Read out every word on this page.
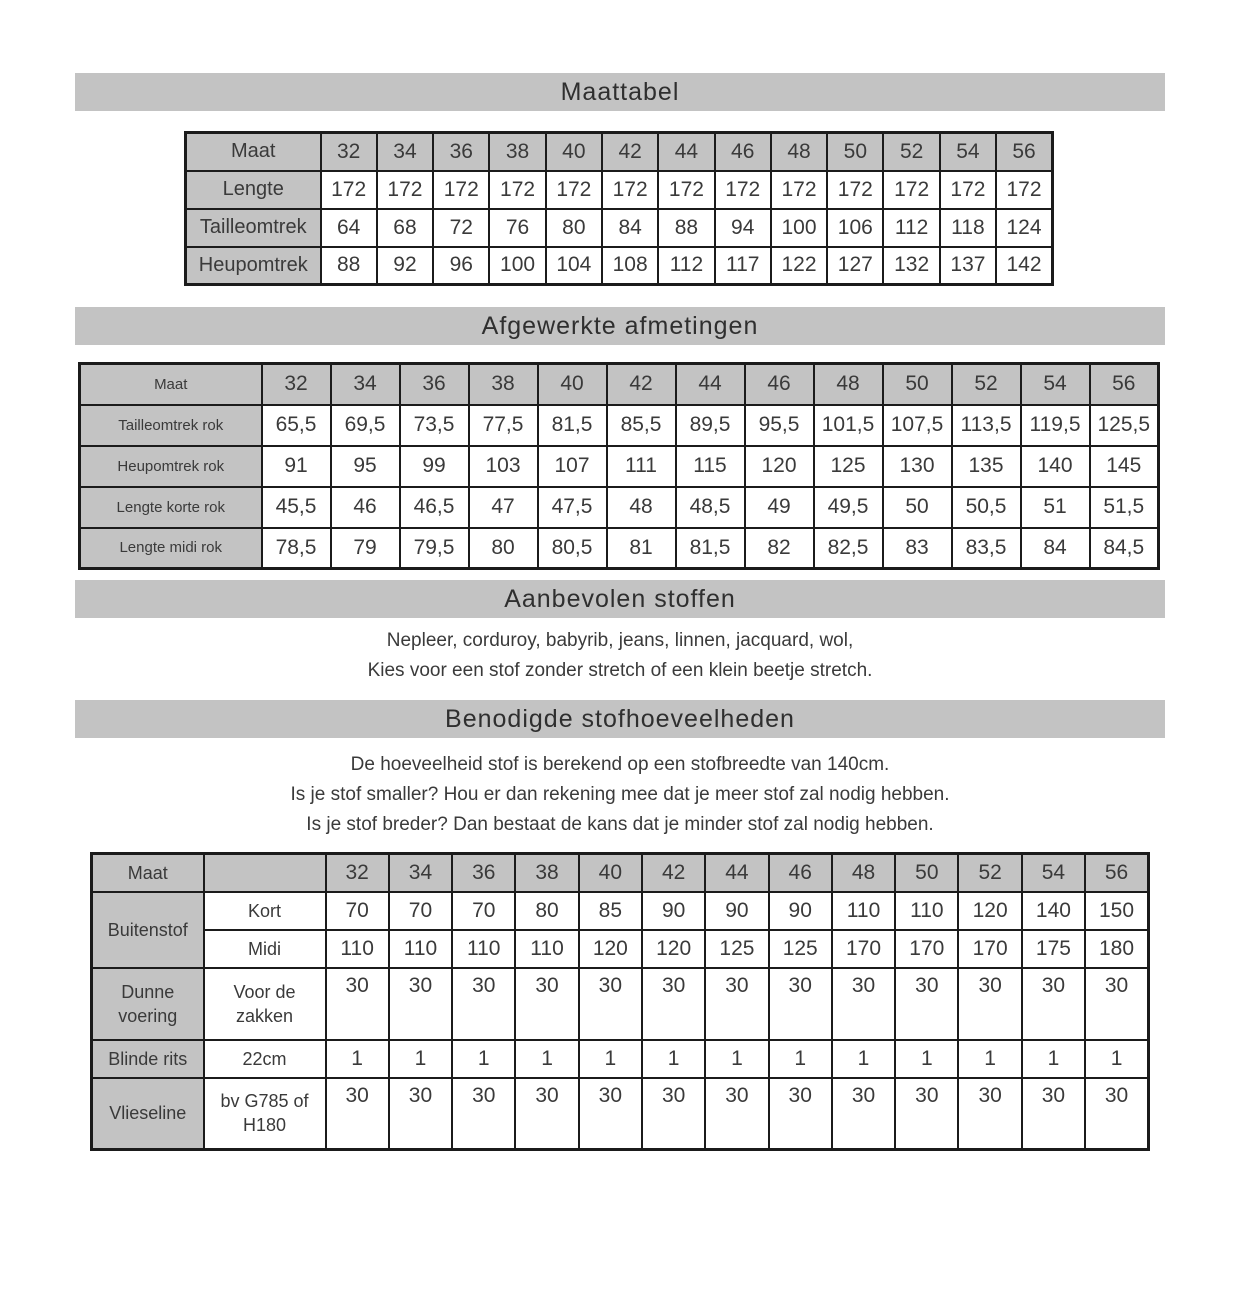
Maattabel
Maat	32	34	36	38	40	42	44	46	48	50	52	54	56
Lengte	172	172	172	172	172	172	172	172	172	172	172	172	172
Tailleomtrek	64	68	72	76	80	84	88	94	100	106	112	118	124
Heupomtrek	88	92	96	100	104	108	112	117	122	127	132	137	142
Afgewerkte afmetingen
Maat	32	34	36	38	40	42	44	46	48	50	52	54	56
Tailleomtrek rok	65,5	69,5	73,5	77,5	81,5	85,5	89,5	95,5	101,5	107,5	113,5	119,5	125,5
Heupomtrek rok	91	95	99	103	107	111	115	120	125	130	135	140	145
Lengte korte rok	45,5	46	46,5	47	47,5	48	48,5	49	49,5	50	50,5	51	51,5
Lengte midi rok	78,5	79	79,5	80	80,5	81	81,5	82	82,5	83	83,5	84	84,5
Aanbevolen stoffen
Nepleer, corduroy, babyrib, jeans, linnen, jacquard, wol,
Kies voor een stof zonder stretch of een klein beetje stretch.
Benodigde stofhoeveelheden
De hoeveelheid stof is berekend op een stofbreedte van 140cm.
Is je stof smaller? Hou er dan rekening mee dat je meer stof zal nodig hebben.
Is je stof breder? Dan bestaat de kans dat je minder stof zal nodig hebben.
Maat		32	34	36	38	40	42	44	46	48	50	52	54	56
Buitenstof	Kort	70	70	70	80	85	90	90	90	110	110	120	140	150
	Midi	110	110	110	110	120	120	125	125	170	170	170	175	180
Dunne voering	Voor de zakken	30	30	30	30	30	30	30	30	30	30	30	30	30
Blinde rits	22cm	1	1	1	1	1	1	1	1	1	1	1	1	1
Vlieseline	bv G785 of H180	30	30	30	30	30	30	30	30	30	30	30	30	30
